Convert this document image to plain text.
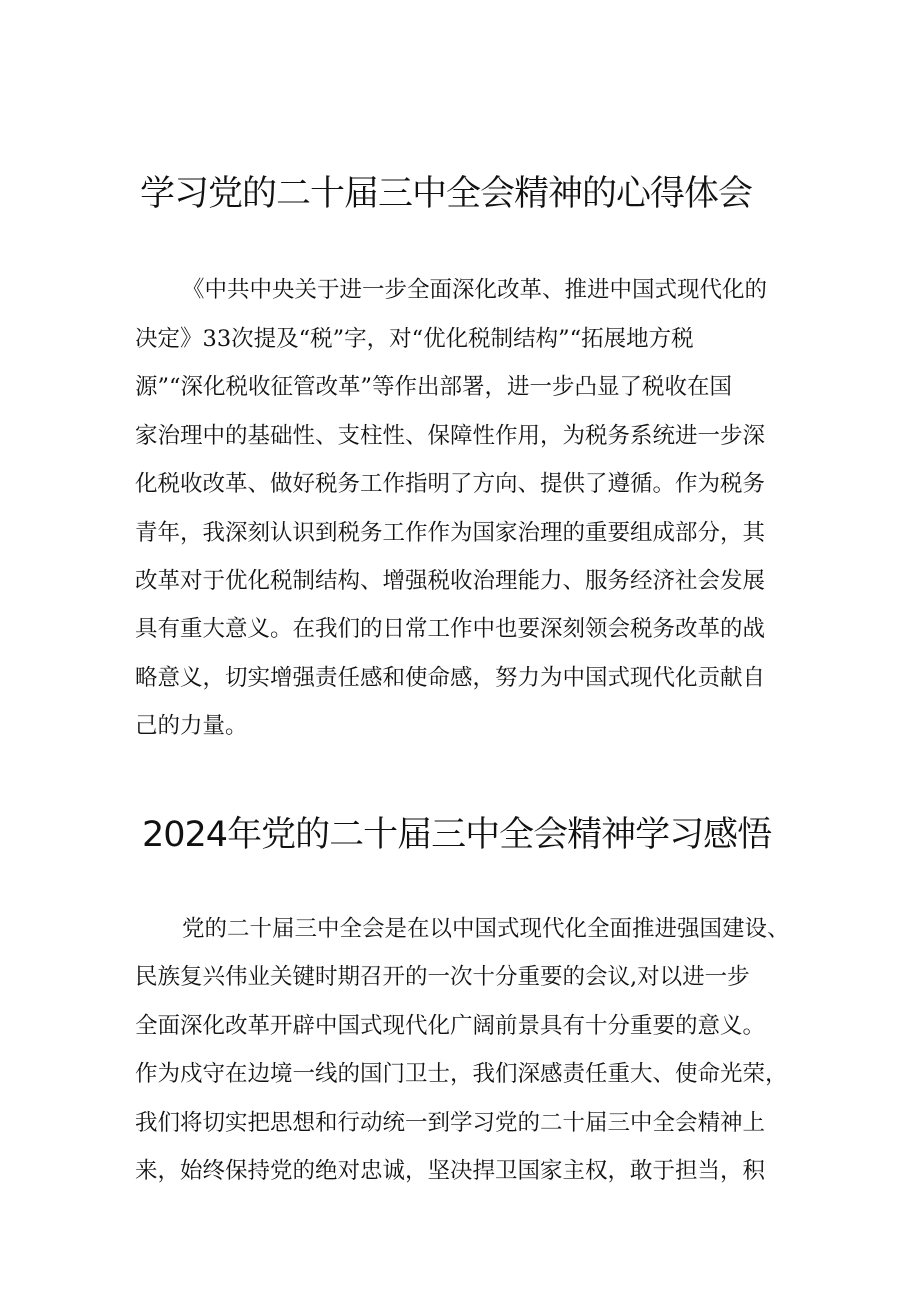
学习党的二十届三中全会精神的心得体会

《中共中央关于进一步全面深化改革、推进中国式现代化的

决定》33次提及“税”字，对“优化税制结构”“拓展地方税

源”“深化税收征管改革”等作出部署，进一步凸显了税收在国

家治理中的基础性、支柱性、保障性作用，为税务系统进一步深

化税收改革、做好税务工作指明了方向、提供了遵循。作为税务

青年，我深刻认识到税务工作作为国家治理的重要组成部分，其

改革对于优化税制结构、增强税收治理能力、服务经济社会发展

具有重大意义。在我们的日常工作中也要深刻领会税务改革的战

略意义，切实增强责任感和使命感，努力为中国式现代化贡献自

己的力量。

2024年党的二十届三中全会精神学习感悟

党的二十届三中全会是在以中国式现代化全面推进强国建设、

民族复兴伟业关键时期召开的一次十分重要的会议,对以进一步

全面深化改革开辟中国式现代化广阔前景具有十分重要的意义。

作为戍守在边境一线的国门卫士，我们深感责任重大、使命光荣，

我们将切实把思想和行动统一到学习党的二十届三中全会精神上

来，始终保持党的绝对忠诚，坚决捍卫国家主权，敢于担当，积
